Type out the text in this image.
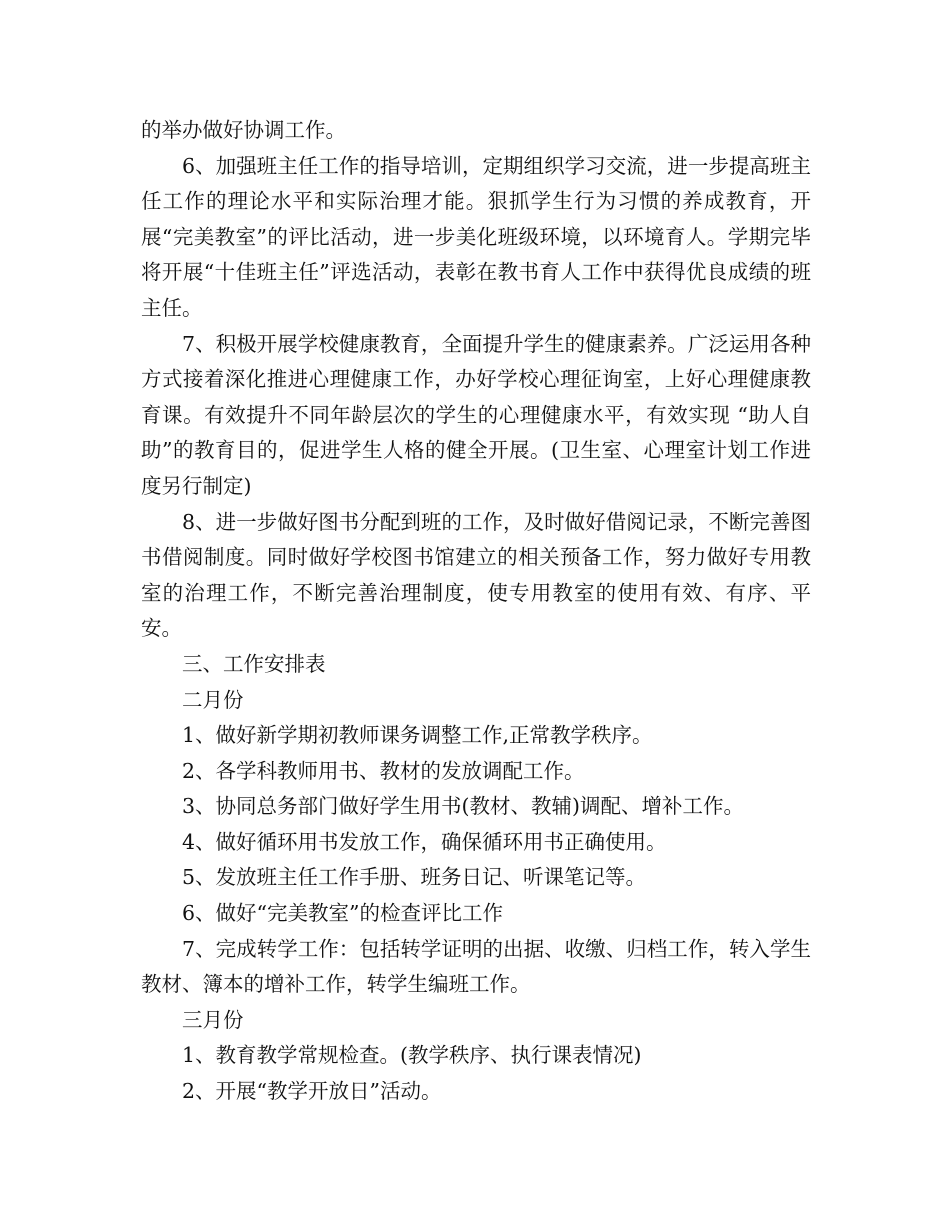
的举办做好协调工作。

6、加强班主任工作的指导培训，定期组织学习交流，进一步提高班主任工作的理论水平和实际治理才能。狠抓学生行为习惯的养成教育，开展“完美教室”的评比活动，进一步美化班级环境，以环境育人。学期完毕将开展“十佳班主任”评选活动，表彰在教书育人工作中获得优良成绩的班主任。

7、积极开展学校健康教育，全面提升学生的健康素养。广泛运用各种方式接着深化推进心理健康工作，办好学校心理征询室，上好心理健康教育课。有效提升不同年龄层次的学生的心理健康水平，有效实现 “助人自助”的教育目的，促进学生人格的健全开展。(卫生室、心理室计划工作进度另行制定)

8、进一步做好图书分配到班的工作，及时做好借阅记录，不断完善图书借阅制度。同时做好学校图书馆建立的相关预备工作，努力做好专用教室的治理工作，不断完善治理制度，使专用教室的使用有效、有序、平安。

三、工作安排表

二月份

1、做好新学期初教师课务调整工作,正常教学秩序。

2、各学科教师用书、教材的发放调配工作。

3、协同总务部门做好学生用书(教材、教辅)调配、增补工作。

4、做好循环用书发放工作，确保循环用书正确使用。

5、发放班主任工作手册、班务日记、听课笔记等。

6、做好“完美教室”的检查评比工作

7、完成转学工作：包括转学证明的出据、收缴、归档工作，转入学生教材、簿本的增补工作，转学生编班工作。

三月份

1、教育教学常规检查。(教学秩序、执行课表情况)

2、开展“教学开放日”活动。
